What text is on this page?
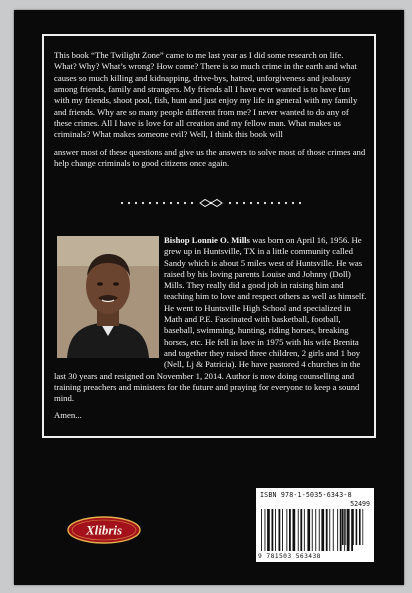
This book “The Twilight Zone” came to me last year as I did some research on life. What? Why? What’s wrong? How come? There is so much crime in the earth and what causes so much killing and kidnapping, drive-bys, hatred, unforgiveness and jealousy among friends, family and strangers. My friends all I have ever wanted is to have fun with my friends, shoot pool, fish, hunt and just enjoy my life in general with my family and friends. Why are so many people different from me? I never wanted to do any of these crimes. All I have is love for all creation and my fellow man. What makes us criminals? What makes someone evil? Well, I think this book will
answer most of these questions and give us the answers to solve most of those crimes and help change criminals to good citizens once again.
Bishop Lonnie O. Mills was born on April 16, 1956. He grew up in Huntsville, TX in a little community called Sandy which is about 5 miles west of Huntsville. He was raised by his loving parents Louise and Johnny (Doll) Mills. They really did a good job in raising him and teaching him to love and respect others as well as himself. He went to Huntsville High School and specialized in Math and P.E. Fascinated with basketball, football, baseball, swimming, hunting, riding horses, breaking horses, etc. He fell in love in 1975 with his wife Brenita and together they raised three children, 2 girls and 1 boy (Nell, Lj & Patricia). He have pastored 4 churches in the last 30 years and resigned on November 1, 2014. Author is now doing counselling and training preachers and ministers for the future and praying for everyone to keep a sound mind.
Amen...
Xlibris
ISBN 978-1-5035-6343-8
52499
9 781503 563438
